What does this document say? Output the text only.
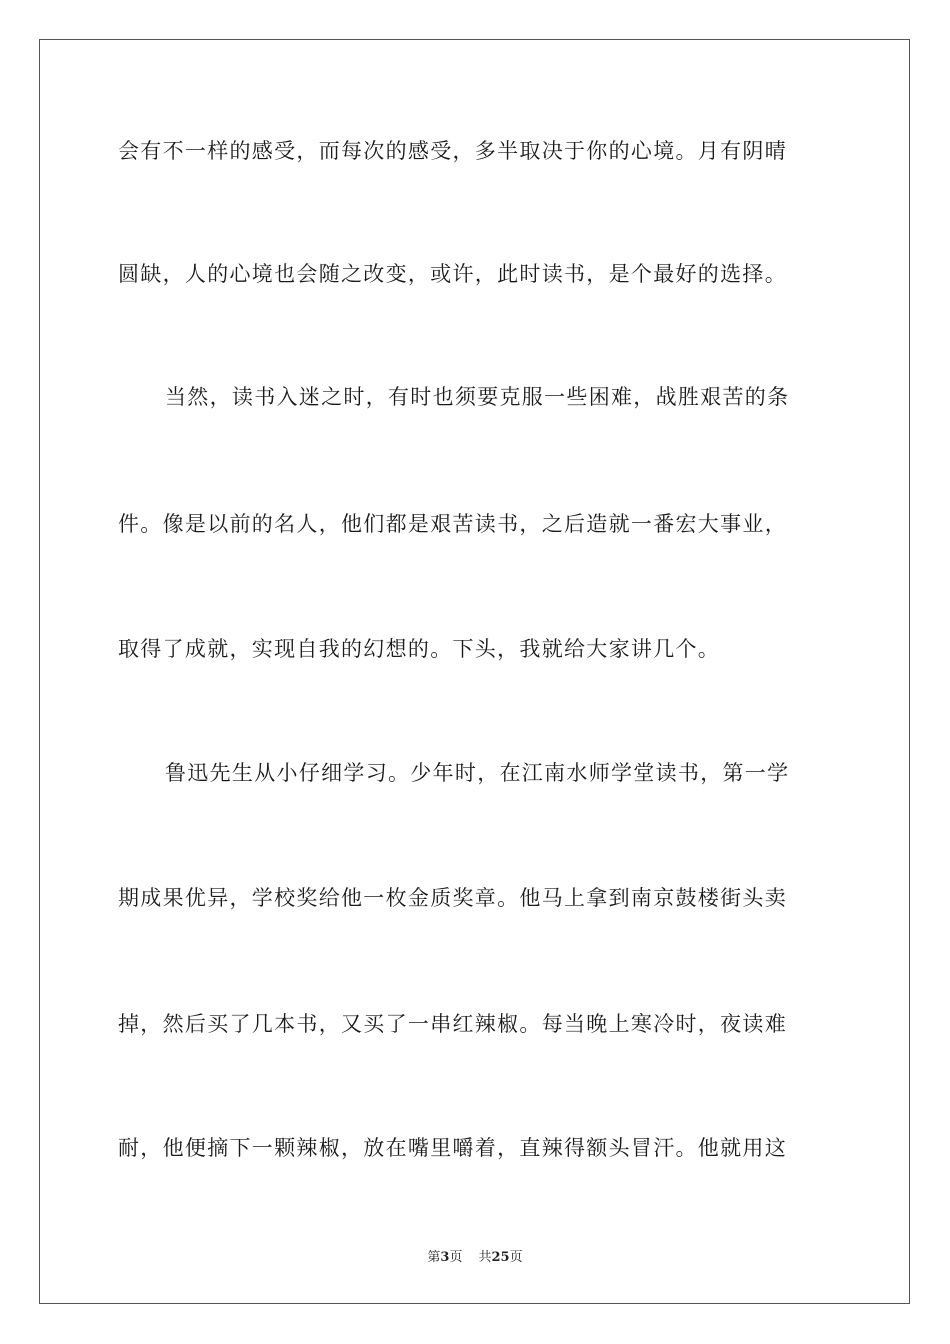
会有不一样的感受，而每次的感受，多半取决于你的心境。月有阴晴
圆缺，人的心境也会随之改变，或许，此时读书，是个最好的选择。
当然，读书入迷之时，有时也须要克服一些困难，战胜艰苦的条
件。像是以前的名人，他们都是艰苦读书，之后造就一番宏大事业，
取得了成就，实现自我的幻想的。下头，我就给大家讲几个。
鲁迅先生从小仔细学习。少年时，在江南水师学堂读书，第一学
期成果优异，学校奖给他一枚金质奖章。他马上拿到南京鼓楼街头卖
掉，然后买了几本书，又买了一串红辣椒。每当晚上寒冷时，夜读难
耐，他便摘下一颗辣椒，放在嘴里嚼着，直辣得额头冒汗。他就用这
第3页 共25页
